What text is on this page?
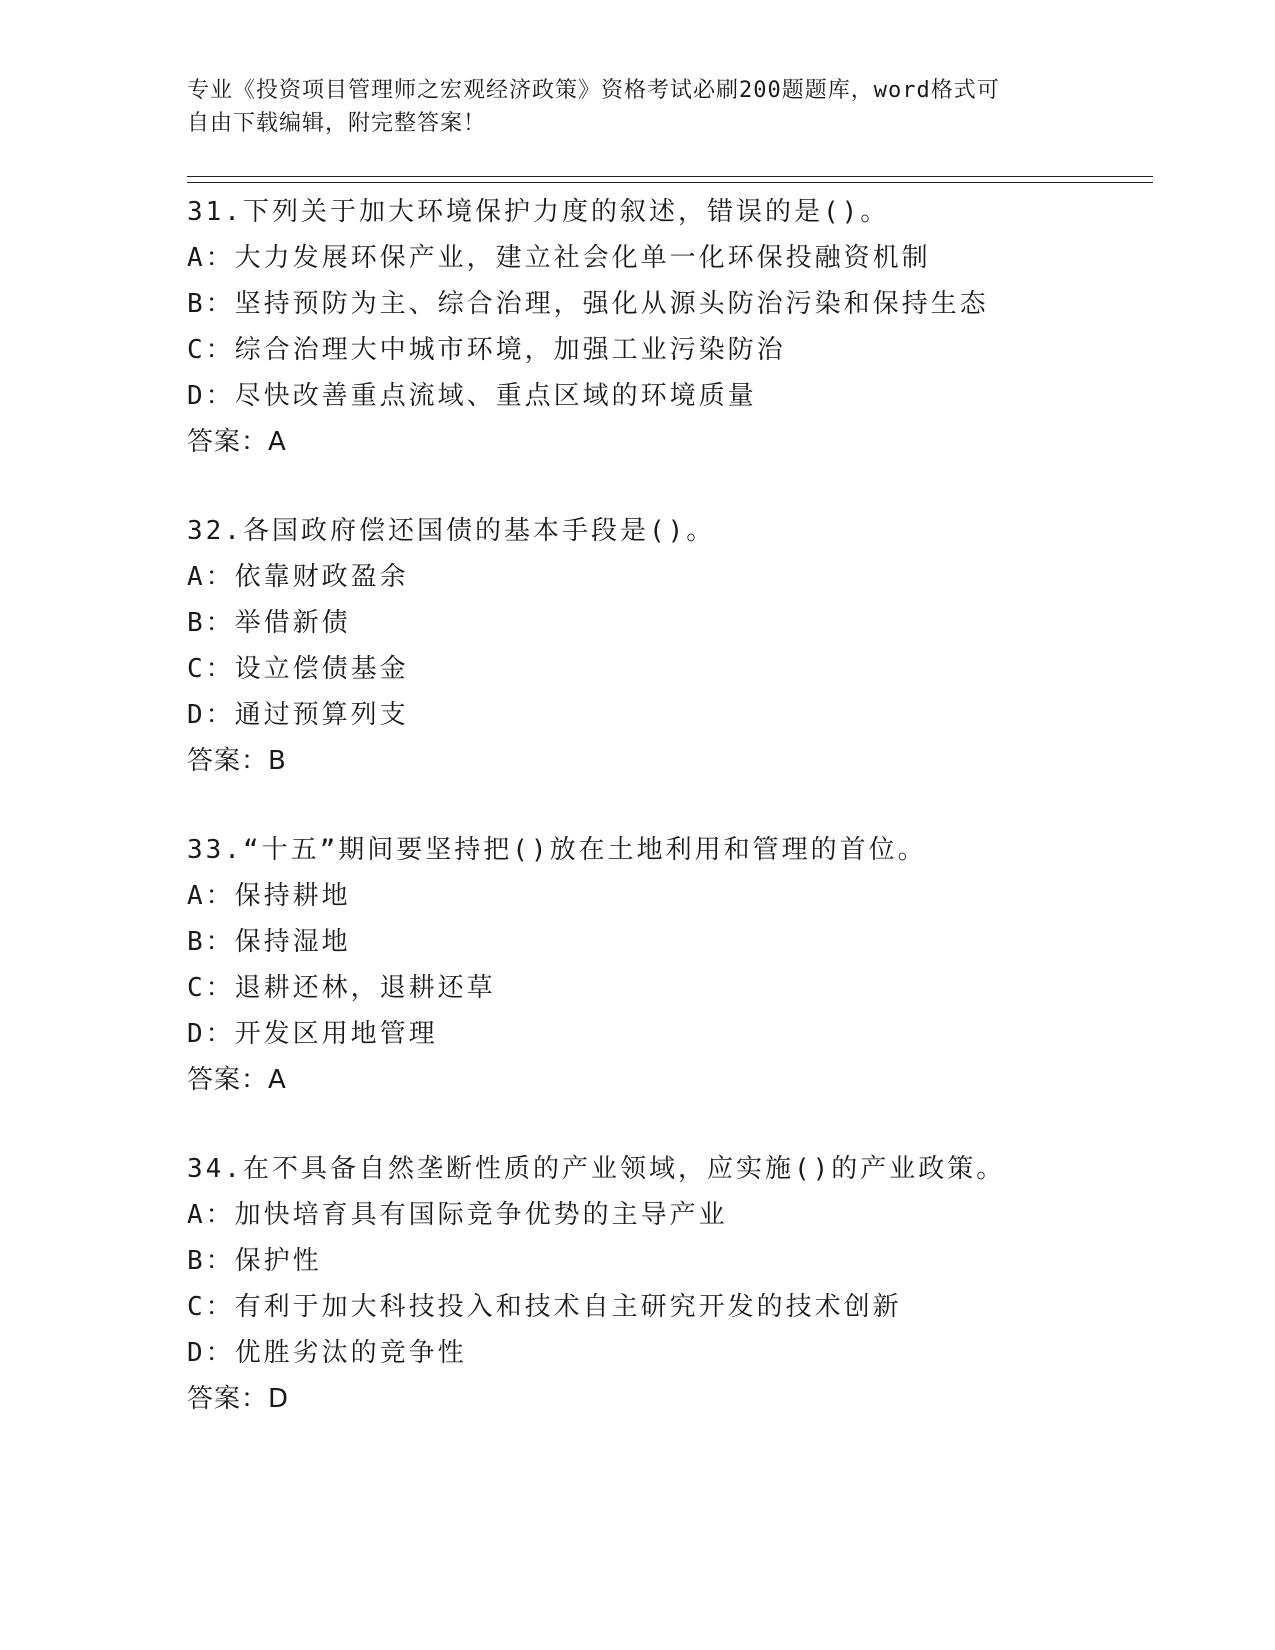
专业《投资项目管理师之宏观经济政策》资格考试必刷200题题库，word格式可
自由下载编辑，附完整答案！
31.下列关于加大环境保护力度的叙述，错误的是()。
A：大力发展环保产业，建立社会化单一化环保投融资机制
B：坚持预防为主、综合治理，强化从源头防治污染和保持生态
C：综合治理大中城市环境，加强工业污染防治
D：尽快改善重点流域、重点区域的环境质量
答案：A
32.各国政府偿还国债的基本手段是()。
A：依靠财政盈余
B：举借新债
C：设立偿债基金
D：通过预算列支
答案：B
33.“十五”期间要坚持把()放在土地利用和管理的首位。
A：保持耕地
B：保持湿地
C：退耕还林，退耕还草
D：开发区用地管理
答案：A
34.在不具备自然垄断性质的产业领域，应实施()的产业政策。
A：加快培育具有国际竞争优势的主导产业
B：保护性
C：有利于加大科技投入和技术自主研究开发的技术创新
D：优胜劣汰的竞争性
答案：D
